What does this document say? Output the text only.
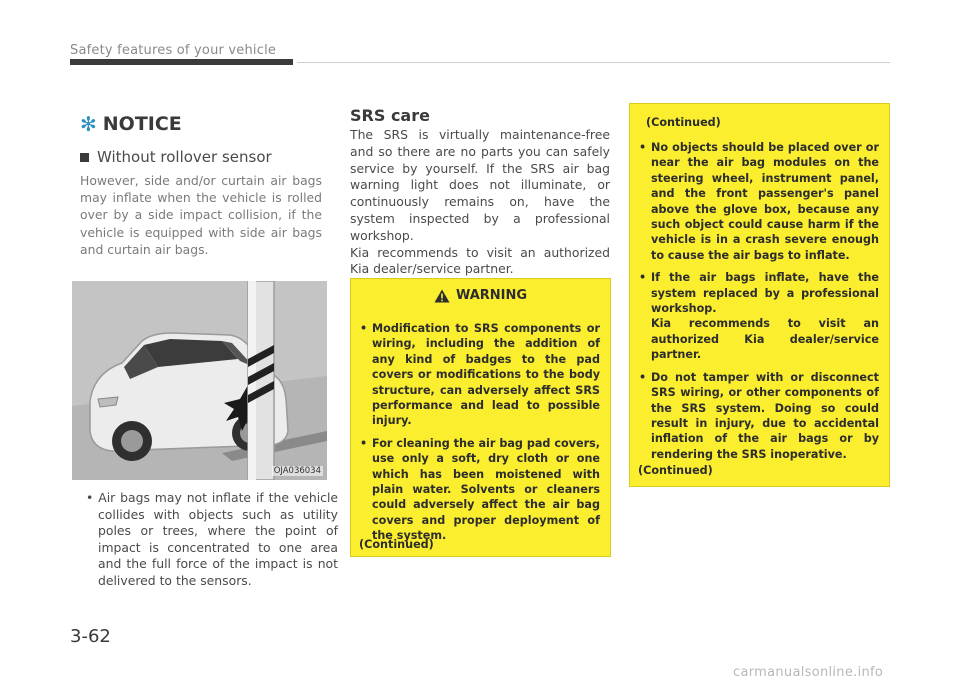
Safety features of your vehicle
✻ NOTICE
Without rollover sensor
However, side and/or curtain air bags may inflate when the vehicle is rolled over by a side impact collision, if the vehicle is equipped with side air bags and curtain air bags.
OJA036034
• Air bags may not inflate if the vehicle collides with objects such as utility poles or trees, where the point of impact is concentrated to one area and the full force of the impact is not delivered to the sensors.
SRS care

The SRS is virtually maintenance-free and so there are no parts you can safely service by yourself. If the SRS air bag warning light does not illuminate, or continuously remains on, have the system inspected by a professional workshop.

Kia recommends to visit an authorized Kia dealer/service partner.

WARNING
• Modification to SRS components or wiring, including the addition of any kind of badges to the pad covers or modifications to the body structure, can adversely affect SRS performance and lead to possible injury.
• For cleaning the air bag pad covers, use only a soft, dry cloth or one which has been moistened with plain water. Solvents or cleaners could adversely affect the air bag covers and proper deployment of the system.
(Continued)
(Continued)
• No objects should be placed over or near the air bag modules on the steering wheel, instrument panel, and the front passenger's panel above the glove box, because any such object could cause harm if the vehicle is in a crash severe enough to cause the air bags to inflate.
• If the air bags inflate, have the system replaced by a professional workshop.
Kia recommends to visit an authorized Kia dealer/service partner.
• Do not tamper with or disconnect SRS wiring, or other components of the SRS system. Doing so could result in injury, due to accidental inflation of the air bags or by rendering the SRS inoperative.
(Continued)
3-62
carmanualsonline.info
